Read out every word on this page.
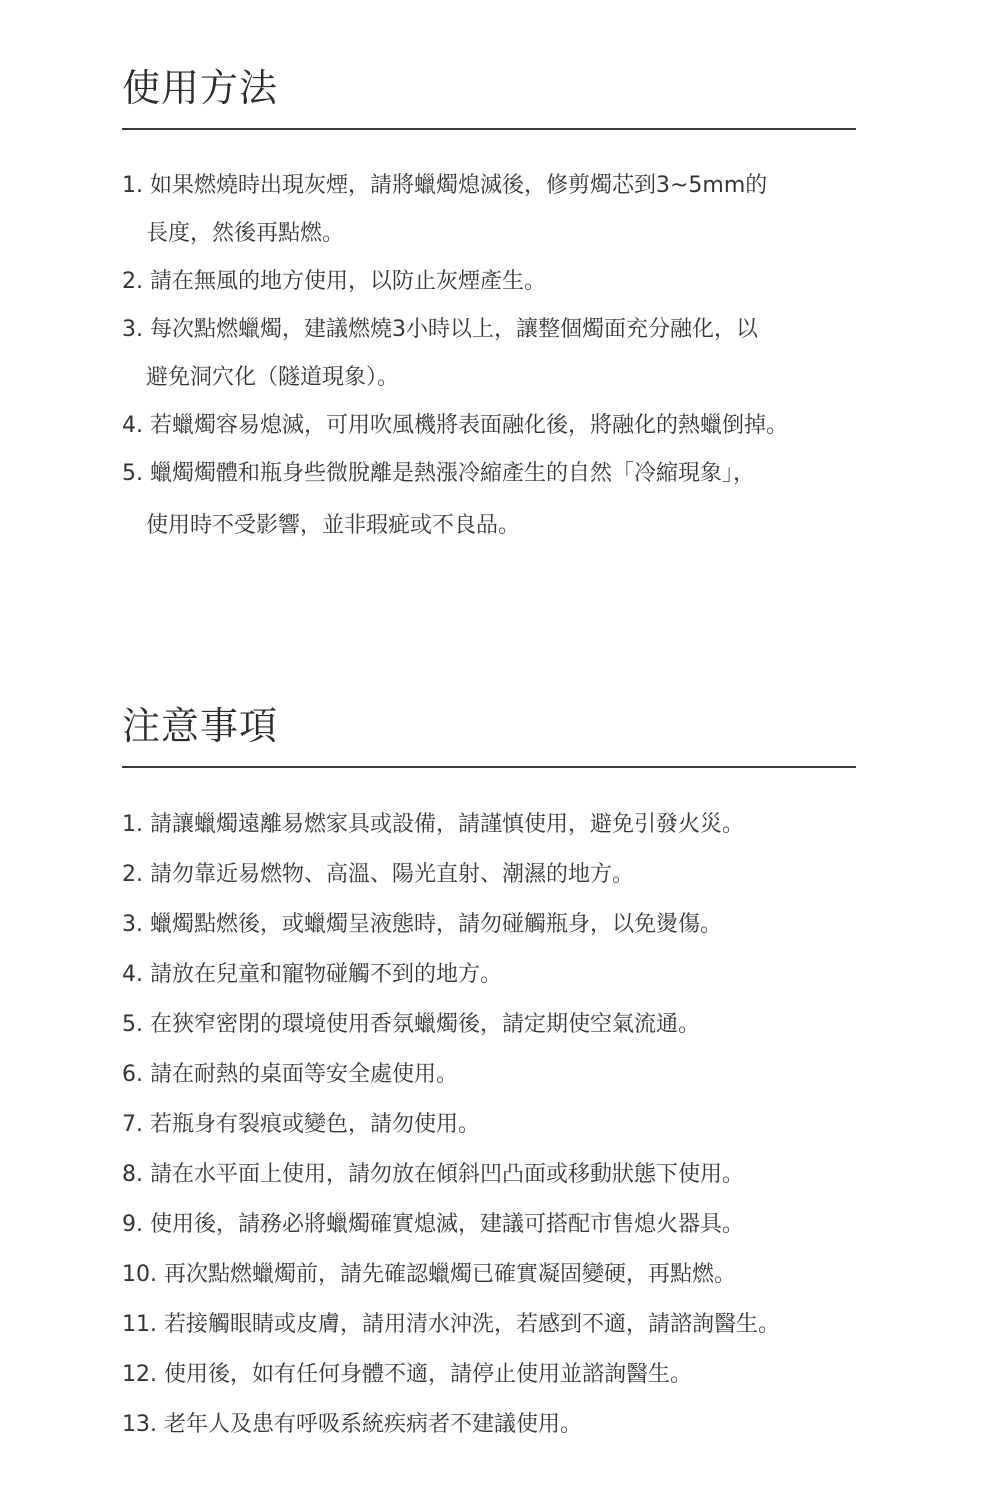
使用方法
1. 如果燃燒時出現灰煙，請將蠟燭熄滅後，修剪燭芯到3~5mm的
長度，然後再點燃。
2. 請在無風的地方使用，以防止灰煙產生。
3. 每次點燃蠟燭，建議燃燒3小時以上，讓整個燭面充分融化，以
避免洞穴化（隧道現象）。
4. 若蠟燭容易熄滅，可用吹風機將表面融化後，將融化的熱蠟倒掉。
5. 蠟燭燭體和瓶身些微脫離是熱漲冷縮產生的自然「冷縮現象」，
使用時不受影響，並非瑕疵或不良品。
注意事項
1. 請讓蠟燭遠離易燃家具或設備，請謹慎使用，避免引發火災。
2. 請勿靠近易燃物、高溫、陽光直射、潮濕的地方。
3. 蠟燭點燃後，或蠟燭呈液態時，請勿碰觸瓶身，以免燙傷。
4. 請放在兒童和寵物碰觸不到的地方。
5. 在狹窄密閉的環境使用香氛蠟燭後，請定期使空氣流通。
6. 請在耐熱的桌面等安全處使用。
7. 若瓶身有裂痕或變色，請勿使用。
8. 請在水平面上使用，請勿放在傾斜凹凸面或移動狀態下使用。
9. 使用後，請務必將蠟燭確實熄滅，建議可搭配市售熄火器具。
10. 再次點燃蠟燭前，請先確認蠟燭已確實凝固變硬，再點燃。
11. 若接觸眼睛或皮膚，請用清水沖洗，若感到不適，請諮詢醫生。
12. 使用後，如有任何身體不適，請停止使用並諮詢醫生。
13. 老年人及患有呼吸系統疾病者不建議使用。
